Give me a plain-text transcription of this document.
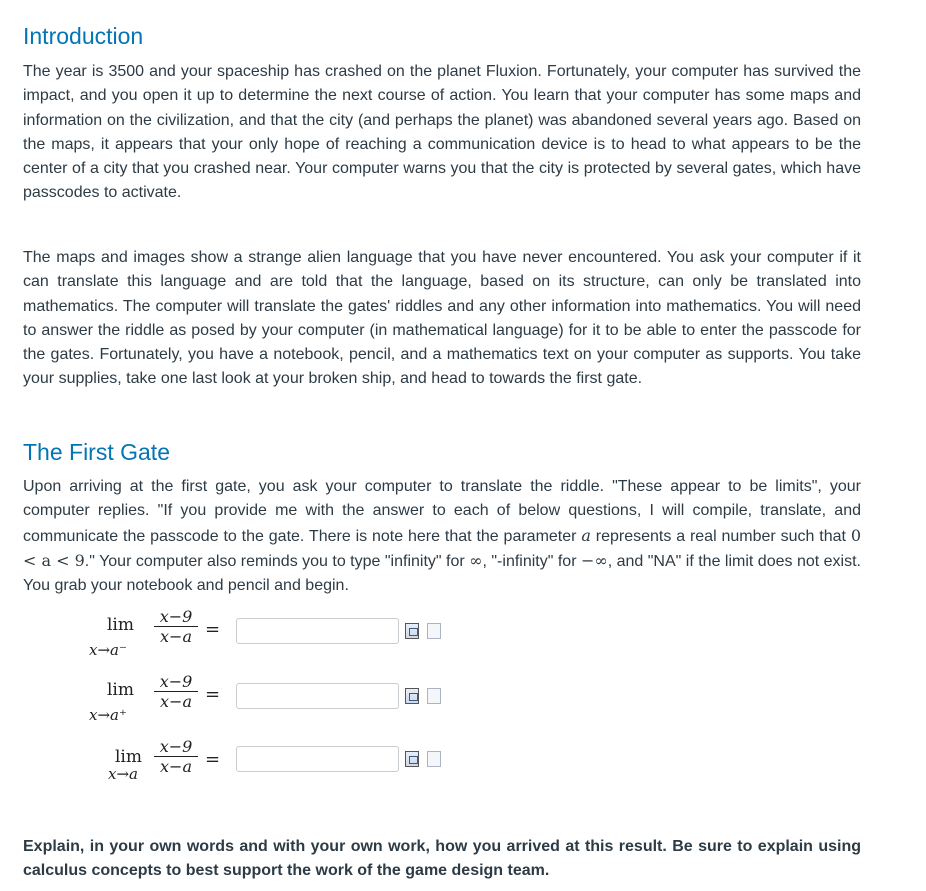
Introduction

The year is 3500 and your spaceship has crashed on the planet Fluxion. Fortunately, your computer has survived the impact, and you open it up to determine the next course of action. You learn that your computer has some maps and information on the civilization, and that the city (and perhaps the planet) was abandoned several years ago. Based on the maps, it appears that your only hope of reaching a communication device is to head to what appears to be the center of a city that you crashed near. Your computer warns you that the city is protected by several gates, which have passcodes to activate.

The maps and images show a strange alien language that you have never encountered. You ask your computer if it can translate this language and are told that the language, based on its structure, can only be translated into mathematics. The computer will translate the gates' riddles and any other information into mathematics. You will need to answer the riddle as posed by your computer (in mathematical language) for it to be able to enter the passcode for the gates. Fortunately, you have a notebook, pencil, and a mathematics text on your computer as supports. You take your supplies, take one last look at your broken ship, and head to towards the first gate.

The First Gate

Upon arriving at the first gate, you ask your computer to translate the riddle. "These appear to be limits", your computer replies. "If you provide me with the answer to each of below questions, I will compile, translate, and communicate the passcode to the gate. There is note here that the parameter a represents a real number such that 0 < a < 9." Your computer also reminds you to type "infinity" for ∞, "-infinity" for −∞, and "NA" if the limit does not exist. You grab your notebook and pencil and begin.

lim
x→a⁻
x−9
x−a =
lim
x→a⁺
x−9
x−a =
lim
x→a
x−9
x−a =

Explain, in your own words and with your own work, how you arrived at this result. Be sure to explain using calculus concepts to best support the work of the game design team.
